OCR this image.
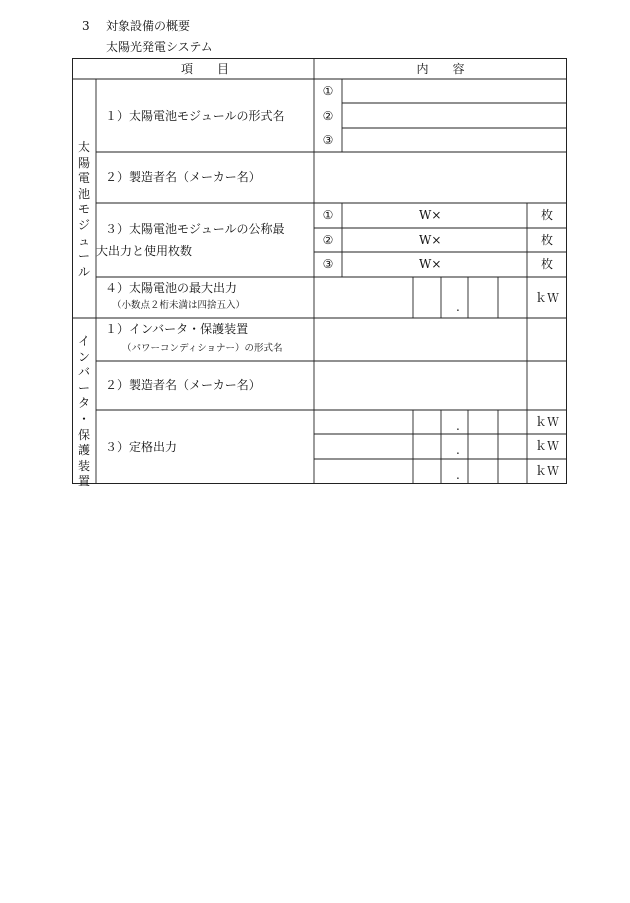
3 対象設備の概要
太陽光発電システム
項　　目	内　　容
太
陽
電
池
モ
ジ
ュ
ー
ル
１）太陽電池モジュールの形式名
①
②
③
２）製造者名（メーカー名）
３）太陽電池モジュールの公称最
大出力と使用枚数
①
②
③
W×
W×
W×
枚
枚
枚
４）太陽電池の最大出力
（小数点２桁未満は四捨五入）	.
ｋＷ
イ
ン
バ
ー
タ
・
保
護
装
置
１）インバータ・保護装置
（パワーコンディショナー）の形式名
２）製造者名（メーカー名）
３）定格出力
.
.
.
ｋＷ
ｋＷ
ｋＷ
